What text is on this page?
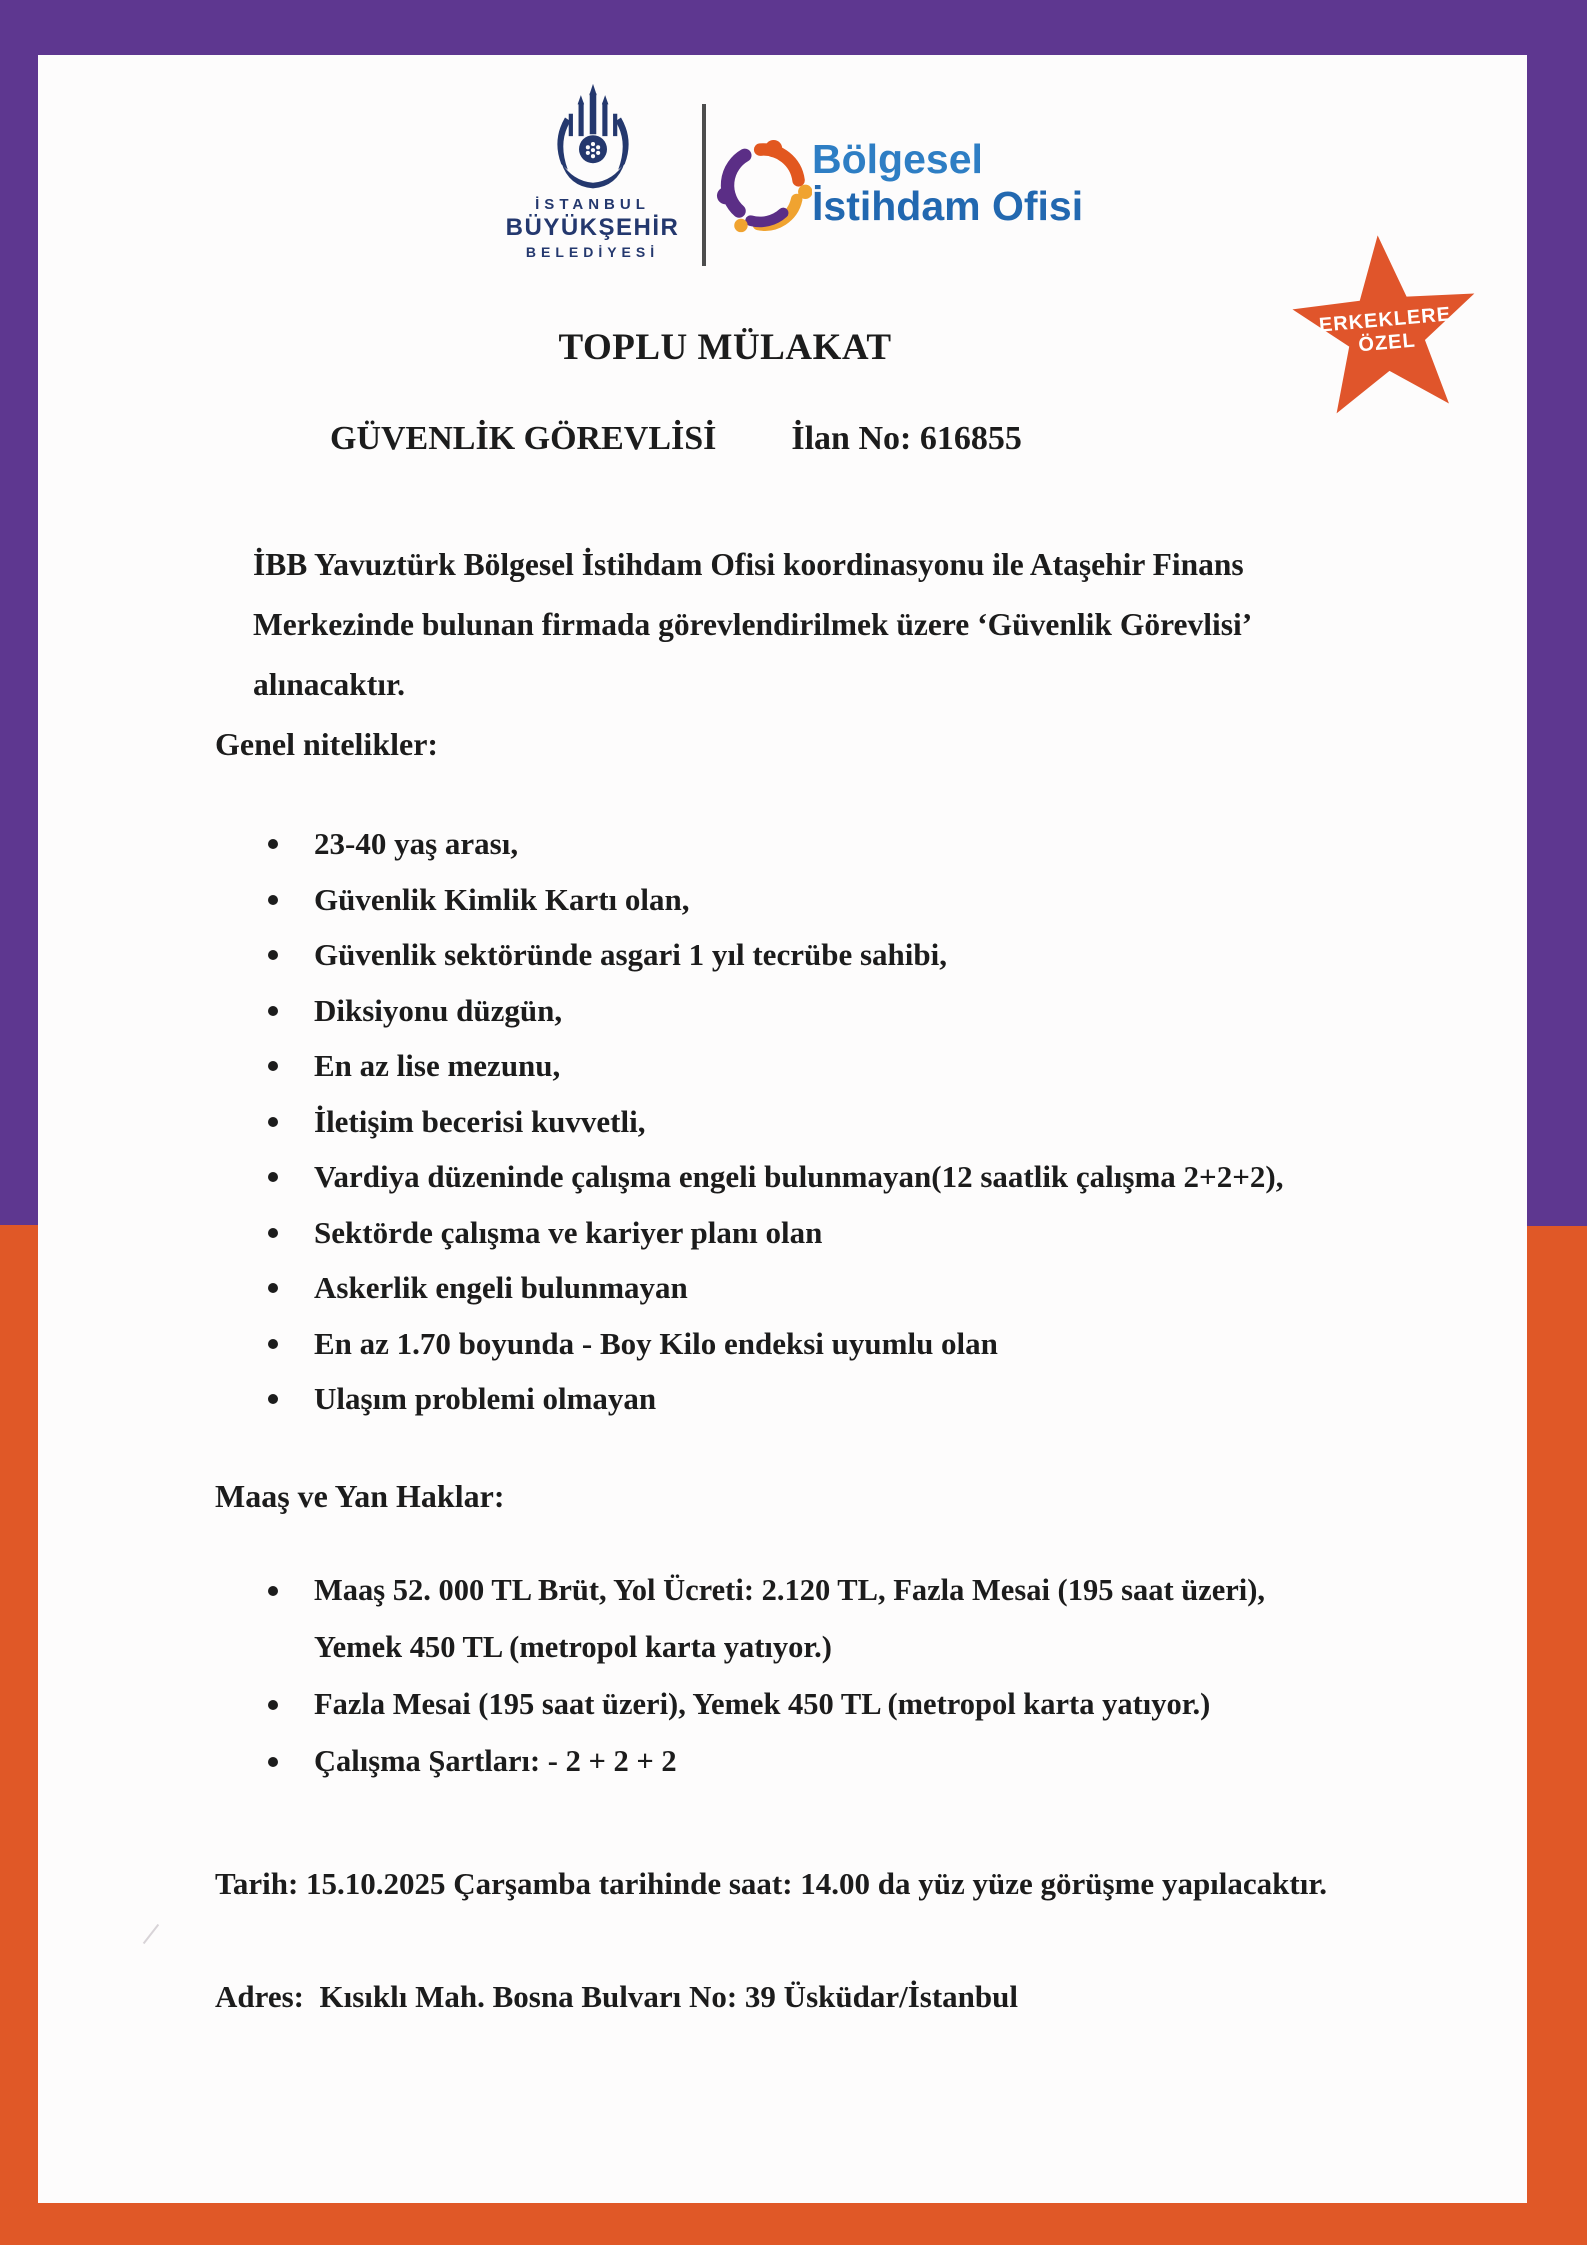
İSTANBUL
BÜYÜKŞEHİR
BELEDİYESİ
Bölgesel
İstihdam Ofisi
ERKEKLERE
ÖZEL
TOPLU MÜLAKAT
GÜVENLİK GÖREVLİSİ İlan No: 616855

İBB Yavuztürk Bölgesel İstihdam Ofisi koordinasyonu ile Ataşehir Finans Merkezinde bulunan firmada görevlendirilmek üzere ‘Güvenlik Görevlisi’ alınacaktır.

Genel nitelikler:
23-40 yaş arası,
Güvenlik Kimlik Kartı olan,
Güvenlik sektöründe asgari 1 yıl tecrübe sahibi,
Diksiyonu düzgün,
En az lise mezunu,
İletişim becerisi kuvvetli,
Vardiya düzeninde çalışma engeli bulunmayan(12 saatlik çalışma 2+2+2),
Sektörde çalışma ve kariyer planı olan
Askerlik engeli bulunmayan
En az 1.70 boyunda - Boy Kilo endeksi uyumlu olan
Ulaşım problemi olmayan
Maaş ve Yan Haklar:
Maaş 52. 000 TL Brüt, Yol Ücreti: 2.120 TL, Fazla Mesai (195 saat üzeri), Yemek 450 TL (metropol karta yatıyor.)
Fazla Mesai (195 saat üzeri), Yemek 450 TL (metropol karta yatıyor.)
Çalışma Şartları: - 2 + 2 + 2

Tarih: 15.10.2025 Çarşamba tarihinde saat: 14.00 da yüz yüze görüşme yapılacaktır.

Adres:  Kısıklı Mah. Bosna Bulvarı No: 39 Üsküdar/İstanbul
